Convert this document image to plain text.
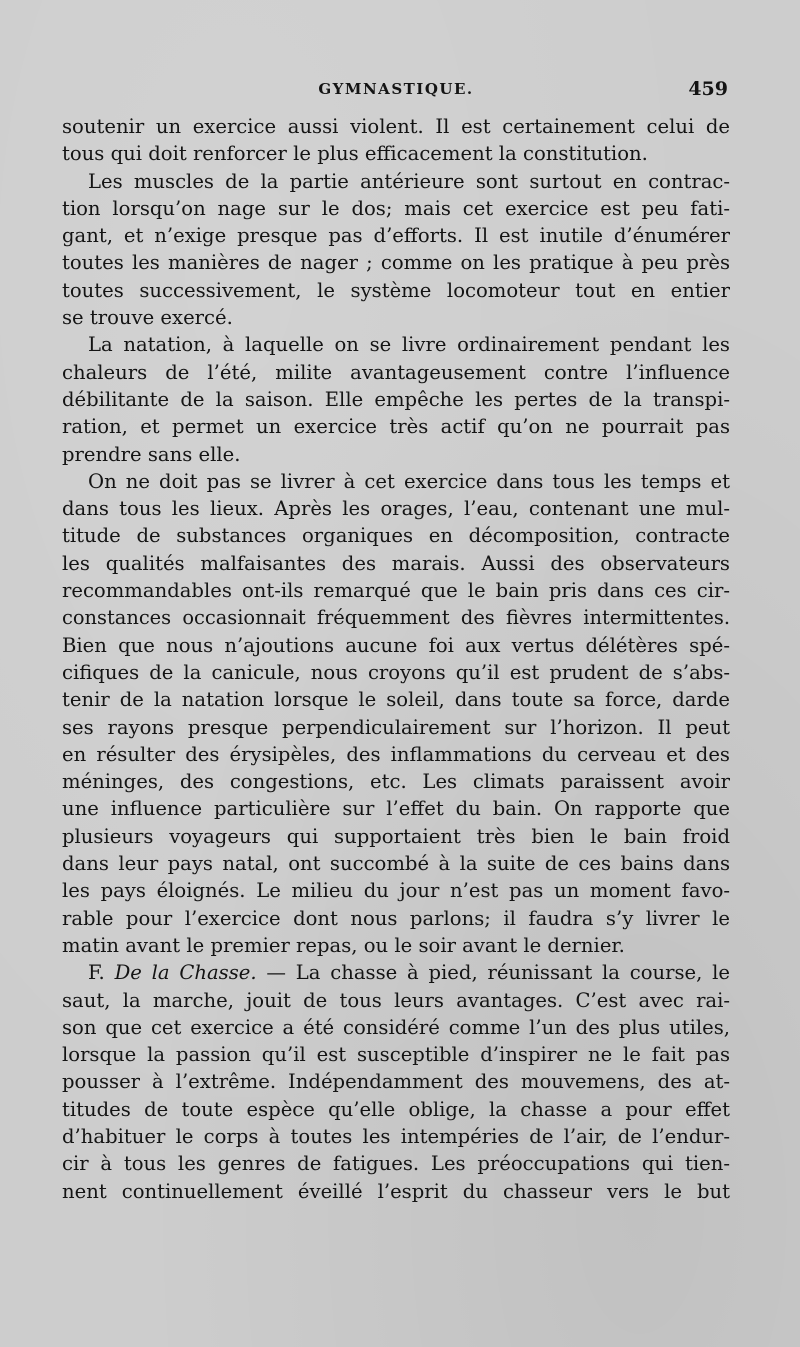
GYMNASTIQUE.	459
soutenir un exercice aussi violent. Il est certainement celui de
tous qui doit renforcer le plus efficacement la constitution.
Les muscles de la partie antérieure sont surtout en contrac-
tion lorsqu’on nage sur le dos; mais cet exercice est peu fati-
gant, et n’exige presque pas d’efforts. Il est inutile d’énumérer
toutes les manières de nager ; comme on les pratique à peu près
toutes successivement, le système locomoteur tout en entier
se trouve exercé.
La natation, à laquelle on se livre ordinairement pendant les
chaleurs de l’été, milite avantageusement contre l’influence
débilitante de la saison. Elle empêche les pertes de la transpi-
ration, et permet un exercice très actif qu’on ne pourrait pas
prendre sans elle.
On ne doit pas se livrer à cet exercice dans tous les temps et
dans tous les lieux. Après les orages, l’eau, contenant une mul-
titude de substances organiques en décomposition, contracte
les qualités malfaisantes des marais. Aussi des observateurs
recommandables ont-ils remarqué que le bain pris dans ces cir-
constances occasionnait fréquemment des fièvres intermittentes.
Bien que nous n’ajoutions aucune foi aux vertus délétères spé-
cifiques de la canicule, nous croyons qu’il est prudent de s’abs-
tenir de la natation lorsque le soleil, dans toute sa force, darde
ses rayons presque perpendiculairement sur l’horizon. Il peut
en résulter des érysipèles, des inflammations du cerveau et des
méninges, des congestions, etc. Les climats paraissent avoir
une influence particulière sur l’effet du bain. On rapporte que
plusieurs voyageurs qui supportaient très bien le bain froid
dans leur pays natal, ont succombé à la suite de ces bains dans
les pays éloignés. Le milieu du jour n’est pas un moment favo-
rable pour l’exercice dont nous parlons; il faudra s’y livrer le
matin avant le premier repas, ou le soir avant le dernier.
F. De la Chasse. — La chasse à pied, réunissant la course, le
saut, la marche, jouit de tous leurs avantages. C’est avec rai-
son que cet exercice a été considéré comme l’un des plus utiles,
lorsque la passion qu’il est susceptible d’inspirer ne le fait pas
pousser à l’extrême. Indépendamment des mouvemens, des at-
titudes de toute espèce qu’elle oblige, la chasse a pour effet
d’habituer le corps à toutes les intempéries de l’air, de l’endur-
cir à tous les genres de fatigues. Les préoccupations qui tien-
nent continuellement éveillé l’esprit du chasseur vers le but
